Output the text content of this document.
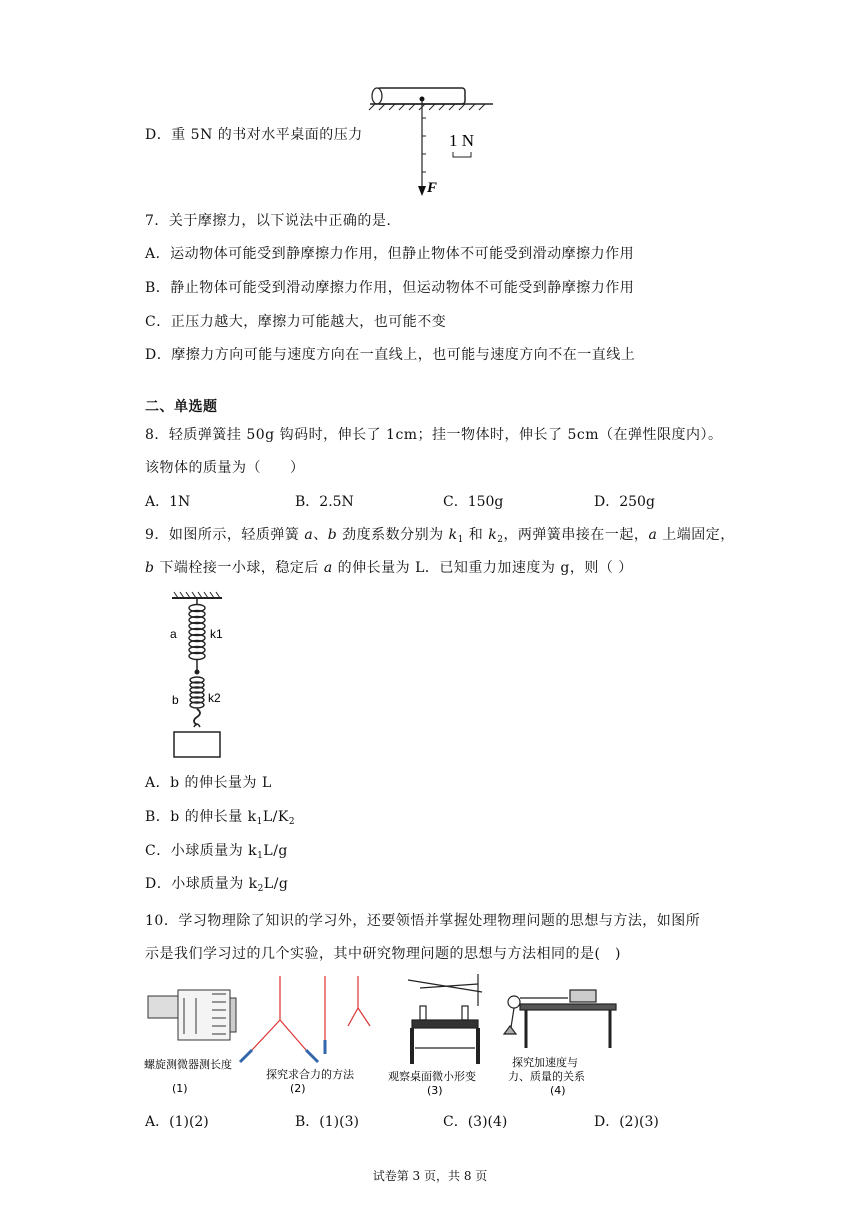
D．重 5N 的书对水平桌面的压力	1 N
F
7．关于摩擦力，以下说法中正确的是.
A．运动物体可能受到静摩擦力作用，但静止物体不可能受到滑动摩擦力作用
B．静止物体可能受到滑动摩擦力作用，但运动物体不可能受到静摩擦力作用
C．正压力越大，摩擦力可能越大，也可能不变
D．摩擦力方向可能与速度方向在一直线上，也可能与速度方向不在一直线上
二、单选题
8．轻质弹簧挂 50g 钩码时，伸长了 1cm；挂一物体时，伸长了 5cm（在弹性限度内）。
该物体的质量为（　　）
A．1N	B．2.5N	C．150g	D．250g
9．如图所示，轻质弹簧 a、b 劲度系数分别为 $k_1$ 和 $k_2$，两弹簧串接在一起，a 上端固定，
b 下端栓接一小球，稳定后 a 的伸长量为 L．已知重力加速度为 g，则（ ）
a	k1
b k2
A．b 的伸长量为 L
B．b 的伸长量 $k_1L/K_2$
C．小球质量为 $k_1L/g$
D．小球质量为 $k_2L/g$
10．学习物理除了知识的学习外，还要领悟并掌握处理物理问题的思想与方法，如图所
示是我们学习过的几个实验，其中研究物理问题的思想与方法相同的是(　)
螺旋测微器测长度
(1)
探究求合力的方法
(2)
观察桌面微小形变
(3)
探究加速度与
力、质量的关系
(4)
A．(1)(2)	B．(1)(3)	C．(3)(4)	D．(2)(3)
试卷第 3 页，共 8 页
